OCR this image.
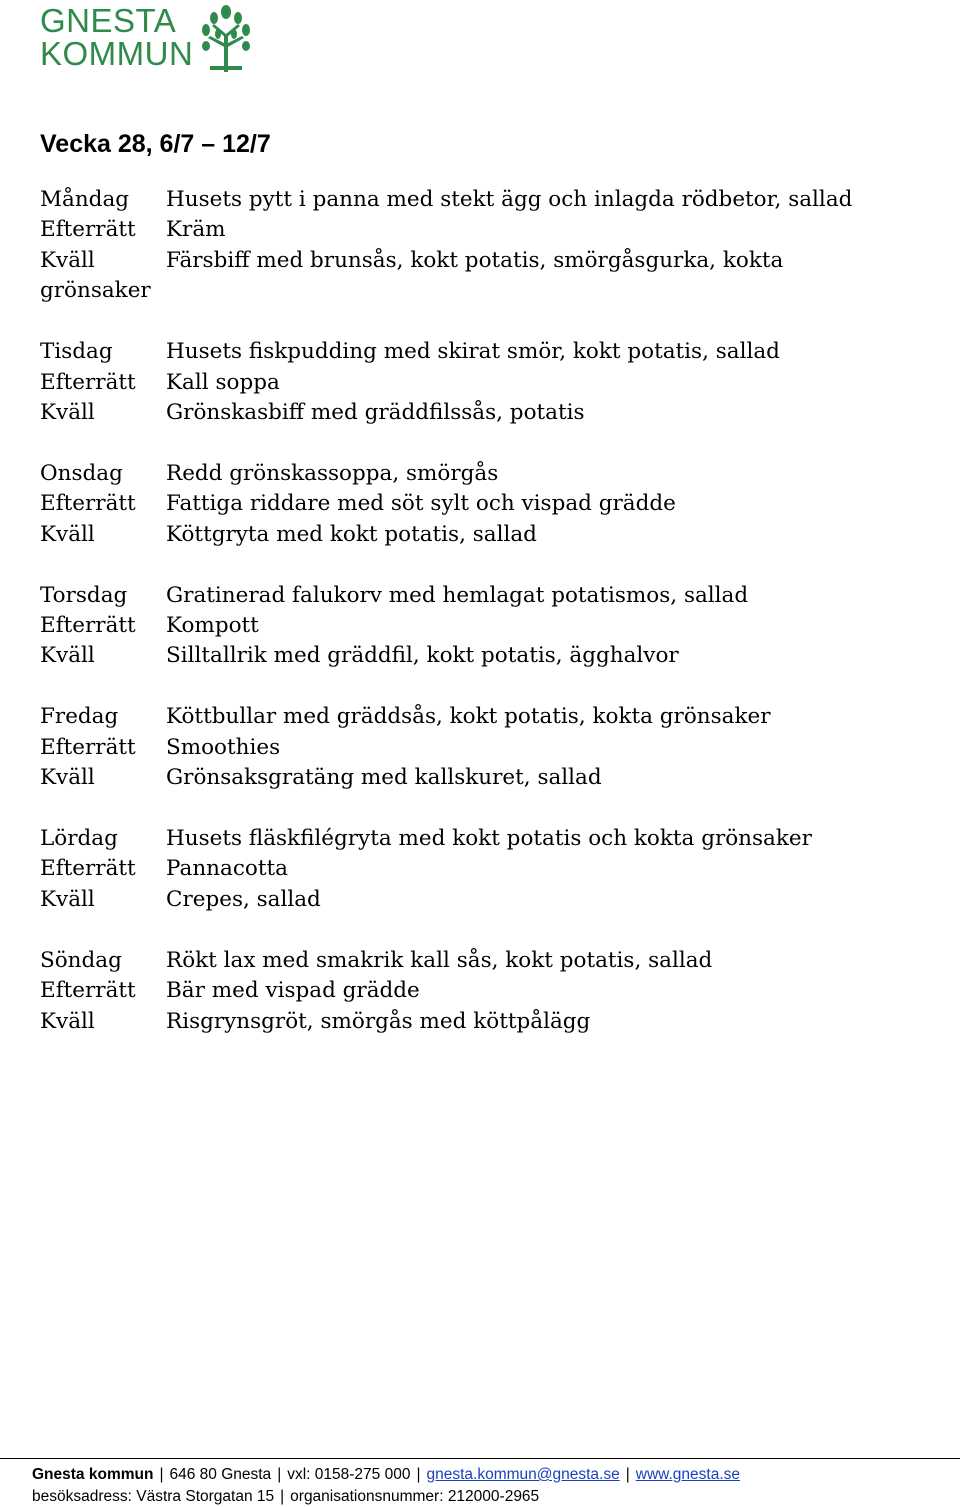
GNESTA
KOMMUN
Vecka 28, 6/7 – 12/7
Måndag	Husets pytt i panna med stekt ägg och inlagda rödbetor, sallad
Efterrätt	Kräm
Kväll	Färsbiff med brunsås, kokt potatis, smörgåsgurka, kokta grönsaker
Tisdag	Husets fiskpudding med skirat smör, kokt potatis, sallad
Efterrätt	Kall soppa
Kväll	Grönskasbiff med gräddfilssås, potatis
Onsdag	Redd grönskassoppa, smörgås
Efterrätt	Fattiga riddare med söt sylt och vispad grädde
Kväll	Köttgryta med kokt potatis, sallad
Torsdag	Gratinerad falukorv med hemlagat potatismos, sallad
Efterrätt	Kompott
Kväll	Silltallrik med gräddfil, kokt potatis, ägghalvor
Fredag	Köttbullar med gräddsås, kokt potatis, kokta grönsaker
Efterrätt	Smoothies
Kväll	Grönsaksgratäng med kallskuret, sallad
Lördag	Husets fläskfilégryta med kokt potatis och kokta grönsaker
Efterrätt	Pannacotta
Kväll	Crepes, sallad
Söndag	Rökt lax med smakrik kall sås, kokt potatis, sallad
Efterrätt	Bär med vispad grädde
Kväll	Risgrynsgröt, smörgås med köttpålägg
Gnesta kommun | 646 80 Gnesta | vxl: 0158-275 000 | gnesta.kommun@gnesta.se | www.gnesta.se
besöksadress: Västra Storgatan 15 | organisationsnummer: 212000-2965
